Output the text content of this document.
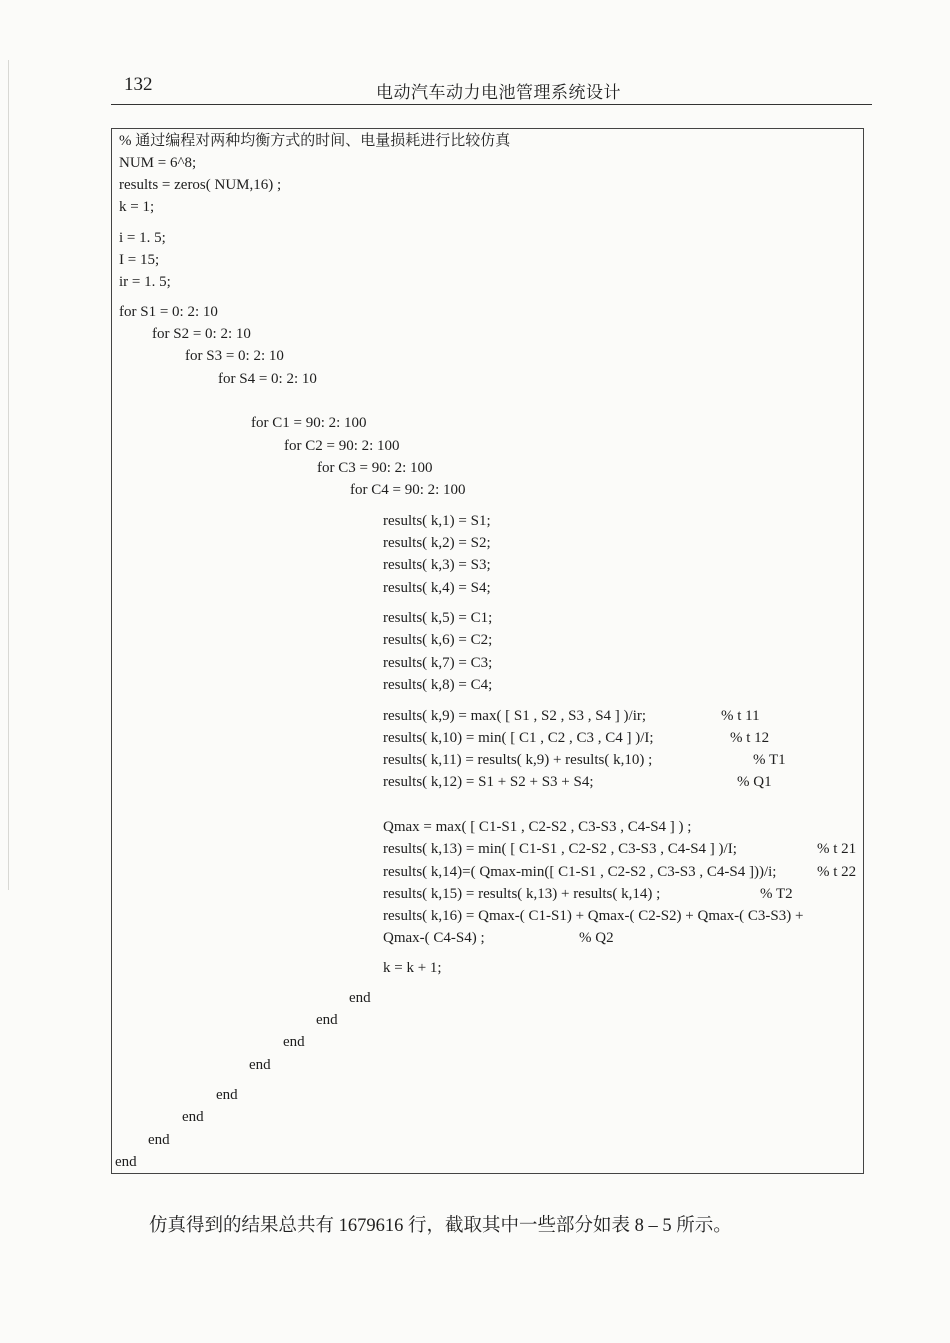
132	电动汽车动力电池管理系统设计
% 通过编程对两种均衡方式的时间、电量损耗进行比较仿真
NUM = 6^8;
results = zeros( NUM,16) ;
k = 1;
i = 1. 5;
I = 15;
ir = 1. 5;
for S1 = 0: 2: 10
for S2 = 0: 2: 10
for S3 = 0: 2: 10
for S4 = 0: 2: 10
for C1 = 90: 2: 100
for C2 = 90: 2: 100
for C3 = 90: 2: 100
for C4 = 90: 2: 100
results( k,1) = S1;
results( k,2) = S2;
results( k,3) = S3;
results( k,4) = S4;
results( k,5) = C1;
results( k,6) = C2;
results( k,7) = C3;
results( k,8) = C4;
results( k,9) = max( [ S1 , S2 , S3 , S4 ] )/ir;
results( k,10) = min( [ C1 , C2 , C3 , C4 ] )/I;
results( k,11) = results( k,9) + results( k,10) ;
results( k,12) = S1 + S2 + S3 + S4;
Qmax = max( [ C1-S1 , C2-S2 , C3-S3 , C4-S4 ] ) ;
results( k,13) = min( [ C1-S1 , C2-S2 , C3-S3 , C4-S4 ] )/I;
results( k,14)=( Qmax-min([ C1-S1 , C2-S2 , C3-S3 , C4-S4 ]))/i;
results( k,15) = results( k,13) + results( k,14) ;
results( k,16) = Qmax-( C1-S1) + Qmax-( C2-S2) + Qmax-( C3-S3) +
Qmax-( C4-S4) ;
k = k + 1;
end
end
end
end
end
end
end
end
% t 11
% t 12
% T1
% Q1
% t 21
% t 22
% T2
% Q2
仿真得到的结果总共有 1679616 行，截取其中一些部分如表 8 – 5 所示。
